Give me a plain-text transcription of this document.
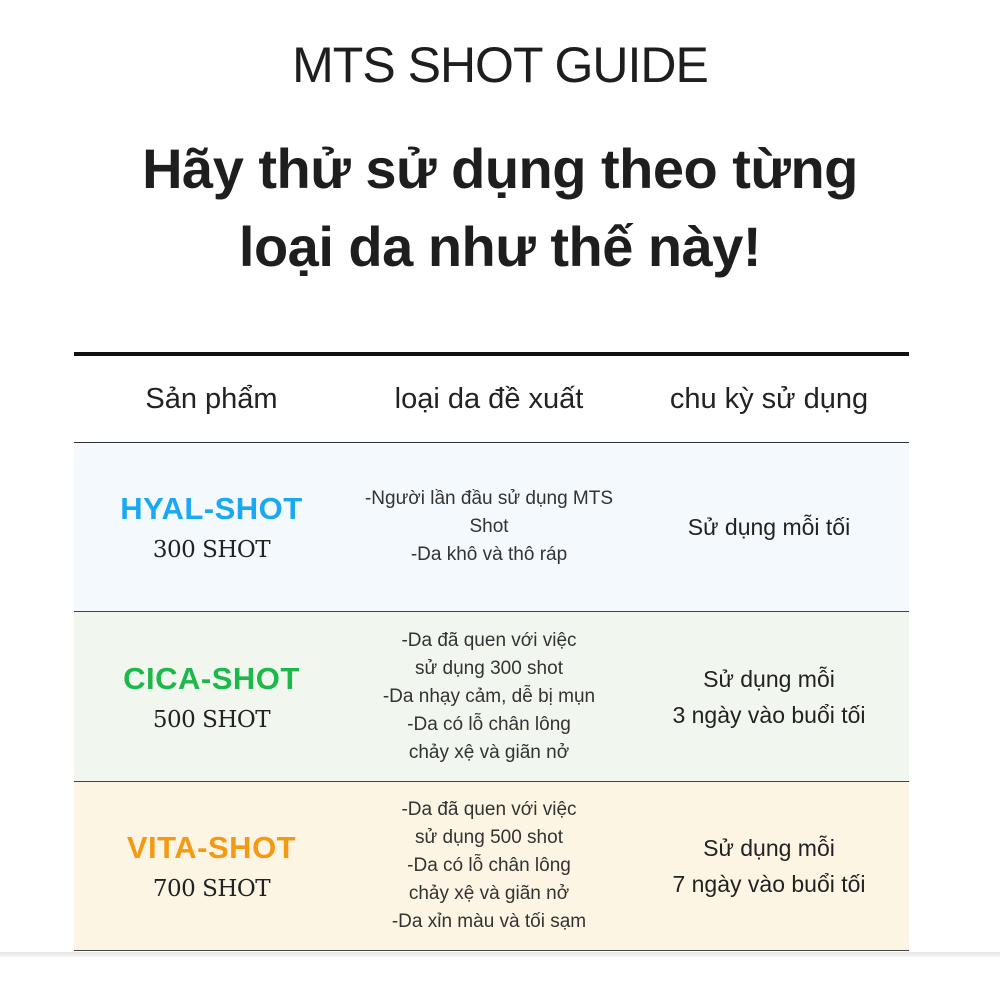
MTS SHOT GUIDE
Hãy thử sử dụng theo từng
loại da như thế này!
Sản phẩm	loại da đề xuất	chu kỳ sử dụng
HYAL-SHOT
300 SHOT
-Người lần đầu sử dụng MTS Shot
-Da khô và thô ráp
Sử dụng mỗi tối
CICA-SHOT
500 SHOT
-Da đã quen với việc
sử dụng 300 shot
-Da nhạy cảm, dễ bị mụn
-Da có lỗ chân lông
chảy xệ và giãn nở
Sử dụng mỗi
3 ngày vào buổi tối
VITA-SHOT
700 SHOT
-Da đã quen với việc
sử dụng 500 shot
-Da có lỗ chân lông
chảy xệ và giãn nở
-Da xỉn màu và tối sạm
Sử dụng mỗi
7 ngày vào buổi tối
